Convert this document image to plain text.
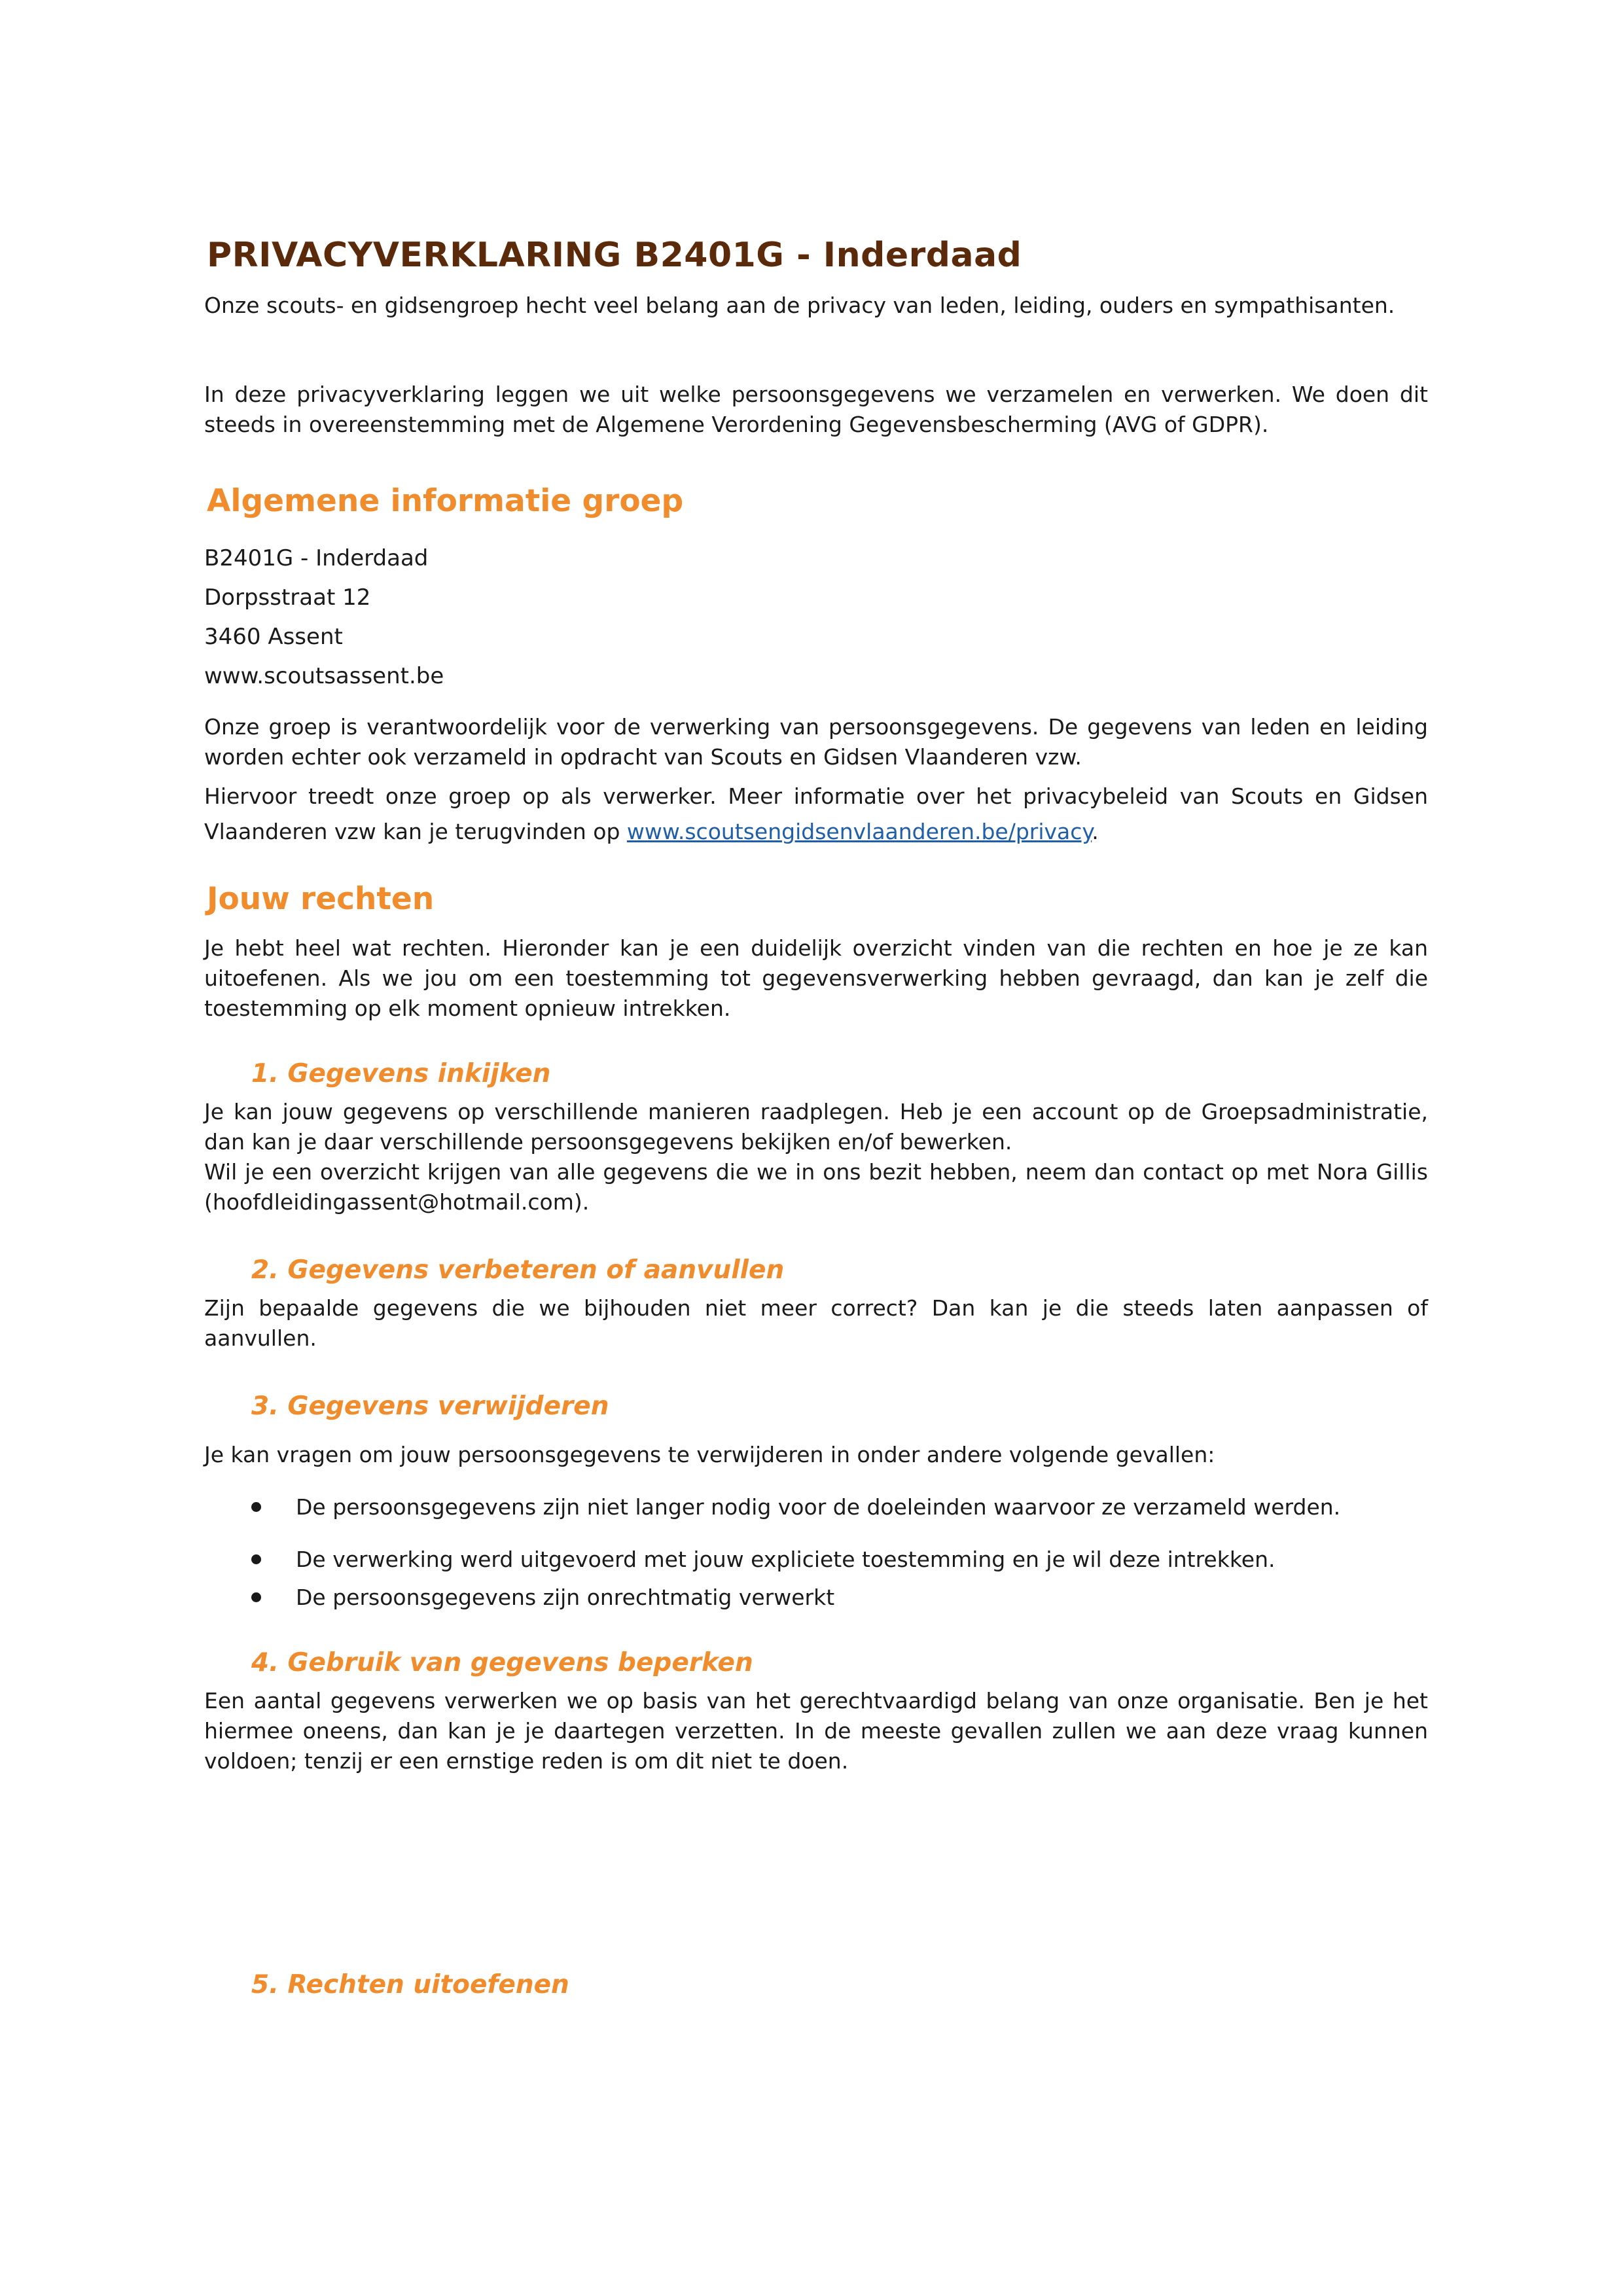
PRIVACYVERKLARING B2401G - Inderdaad

Onze scouts- en gidsengroep hecht veel belang aan de privacy van leden, leiding, ouders en sympathisanten.

In deze privacyverklaring leggen we uit welke persoonsgegevens we verzamelen en verwerken. We doen dit steeds in overeenstemming met de Algemene Verordening Gegevensbescherming (AVG of GDPR).

Algemene informatie groep
B2401G - Inderdaad
Dorpsstraat 12
3460 Assent
www.scoutsassent.be

Onze groep is verantwoordelijk voor de verwerking van persoonsgegevens. De gegevens van leden en leiding worden echter ook verzameld in opdracht van Scouts en Gidsen Vlaanderen vzw.

Hiervoor treedt onze groep op als verwerker. Meer informatie over het privacybeleid van Scouts en Gidsen Vlaanderen vzw kan je terugvinden op www.scoutsengidsenvlaanderen.be/privacy.

Jouw rechten

Je hebt heel wat rechten. Hieronder kan je een duidelijk overzicht vinden van die rechten en hoe je ze kan uitoefenen. Als we jou om een toestemming tot gegevensverwerking hebben gevraagd, dan kan je zelf die toestemming op elk moment opnieuw intrekken.

1. Gegevens inkijken

Je kan jouw gegevens op verschillende manieren raadplegen. Heb je een account op de Groepsadministratie, dan kan je daar verschillende persoonsgegevens bekijken en/of bewerken.

Wil je een overzicht krijgen van alle gegevens die we in ons bezit hebben, neem dan contact op met Nora Gillis (hoofdleidingassent@hotmail.com).

2. Gegevens verbeteren of aanvullen

Zijn bepaalde gegevens die we bijhouden niet meer correct? Dan kan je die steeds laten aanpassen of aanvullen.

3. Gegevens verwijderen

Je kan vragen om jouw persoonsgegevens te verwijderen in onder andere volgende gevallen:

De persoonsgegevens zijn niet langer nodig voor de doeleinden waarvoor ze verzameld werden.
De verwerking werd uitgevoerd met jouw expliciete toestemming en je wil deze intrekken.
De persoonsgegevens zijn onrechtmatig verwerkt
4. Gebruik van gegevens beperken

Een aantal gegevens verwerken we op basis van het gerechtvaardigd belang van onze organisatie. Ben je het hiermee oneens, dan kan je je daartegen verzetten. In de meeste gevallen zullen we aan deze vraag kunnen voldoen; tenzij er een ernstige reden is om dit niet te doen.

5. Rechten uitoefenen
